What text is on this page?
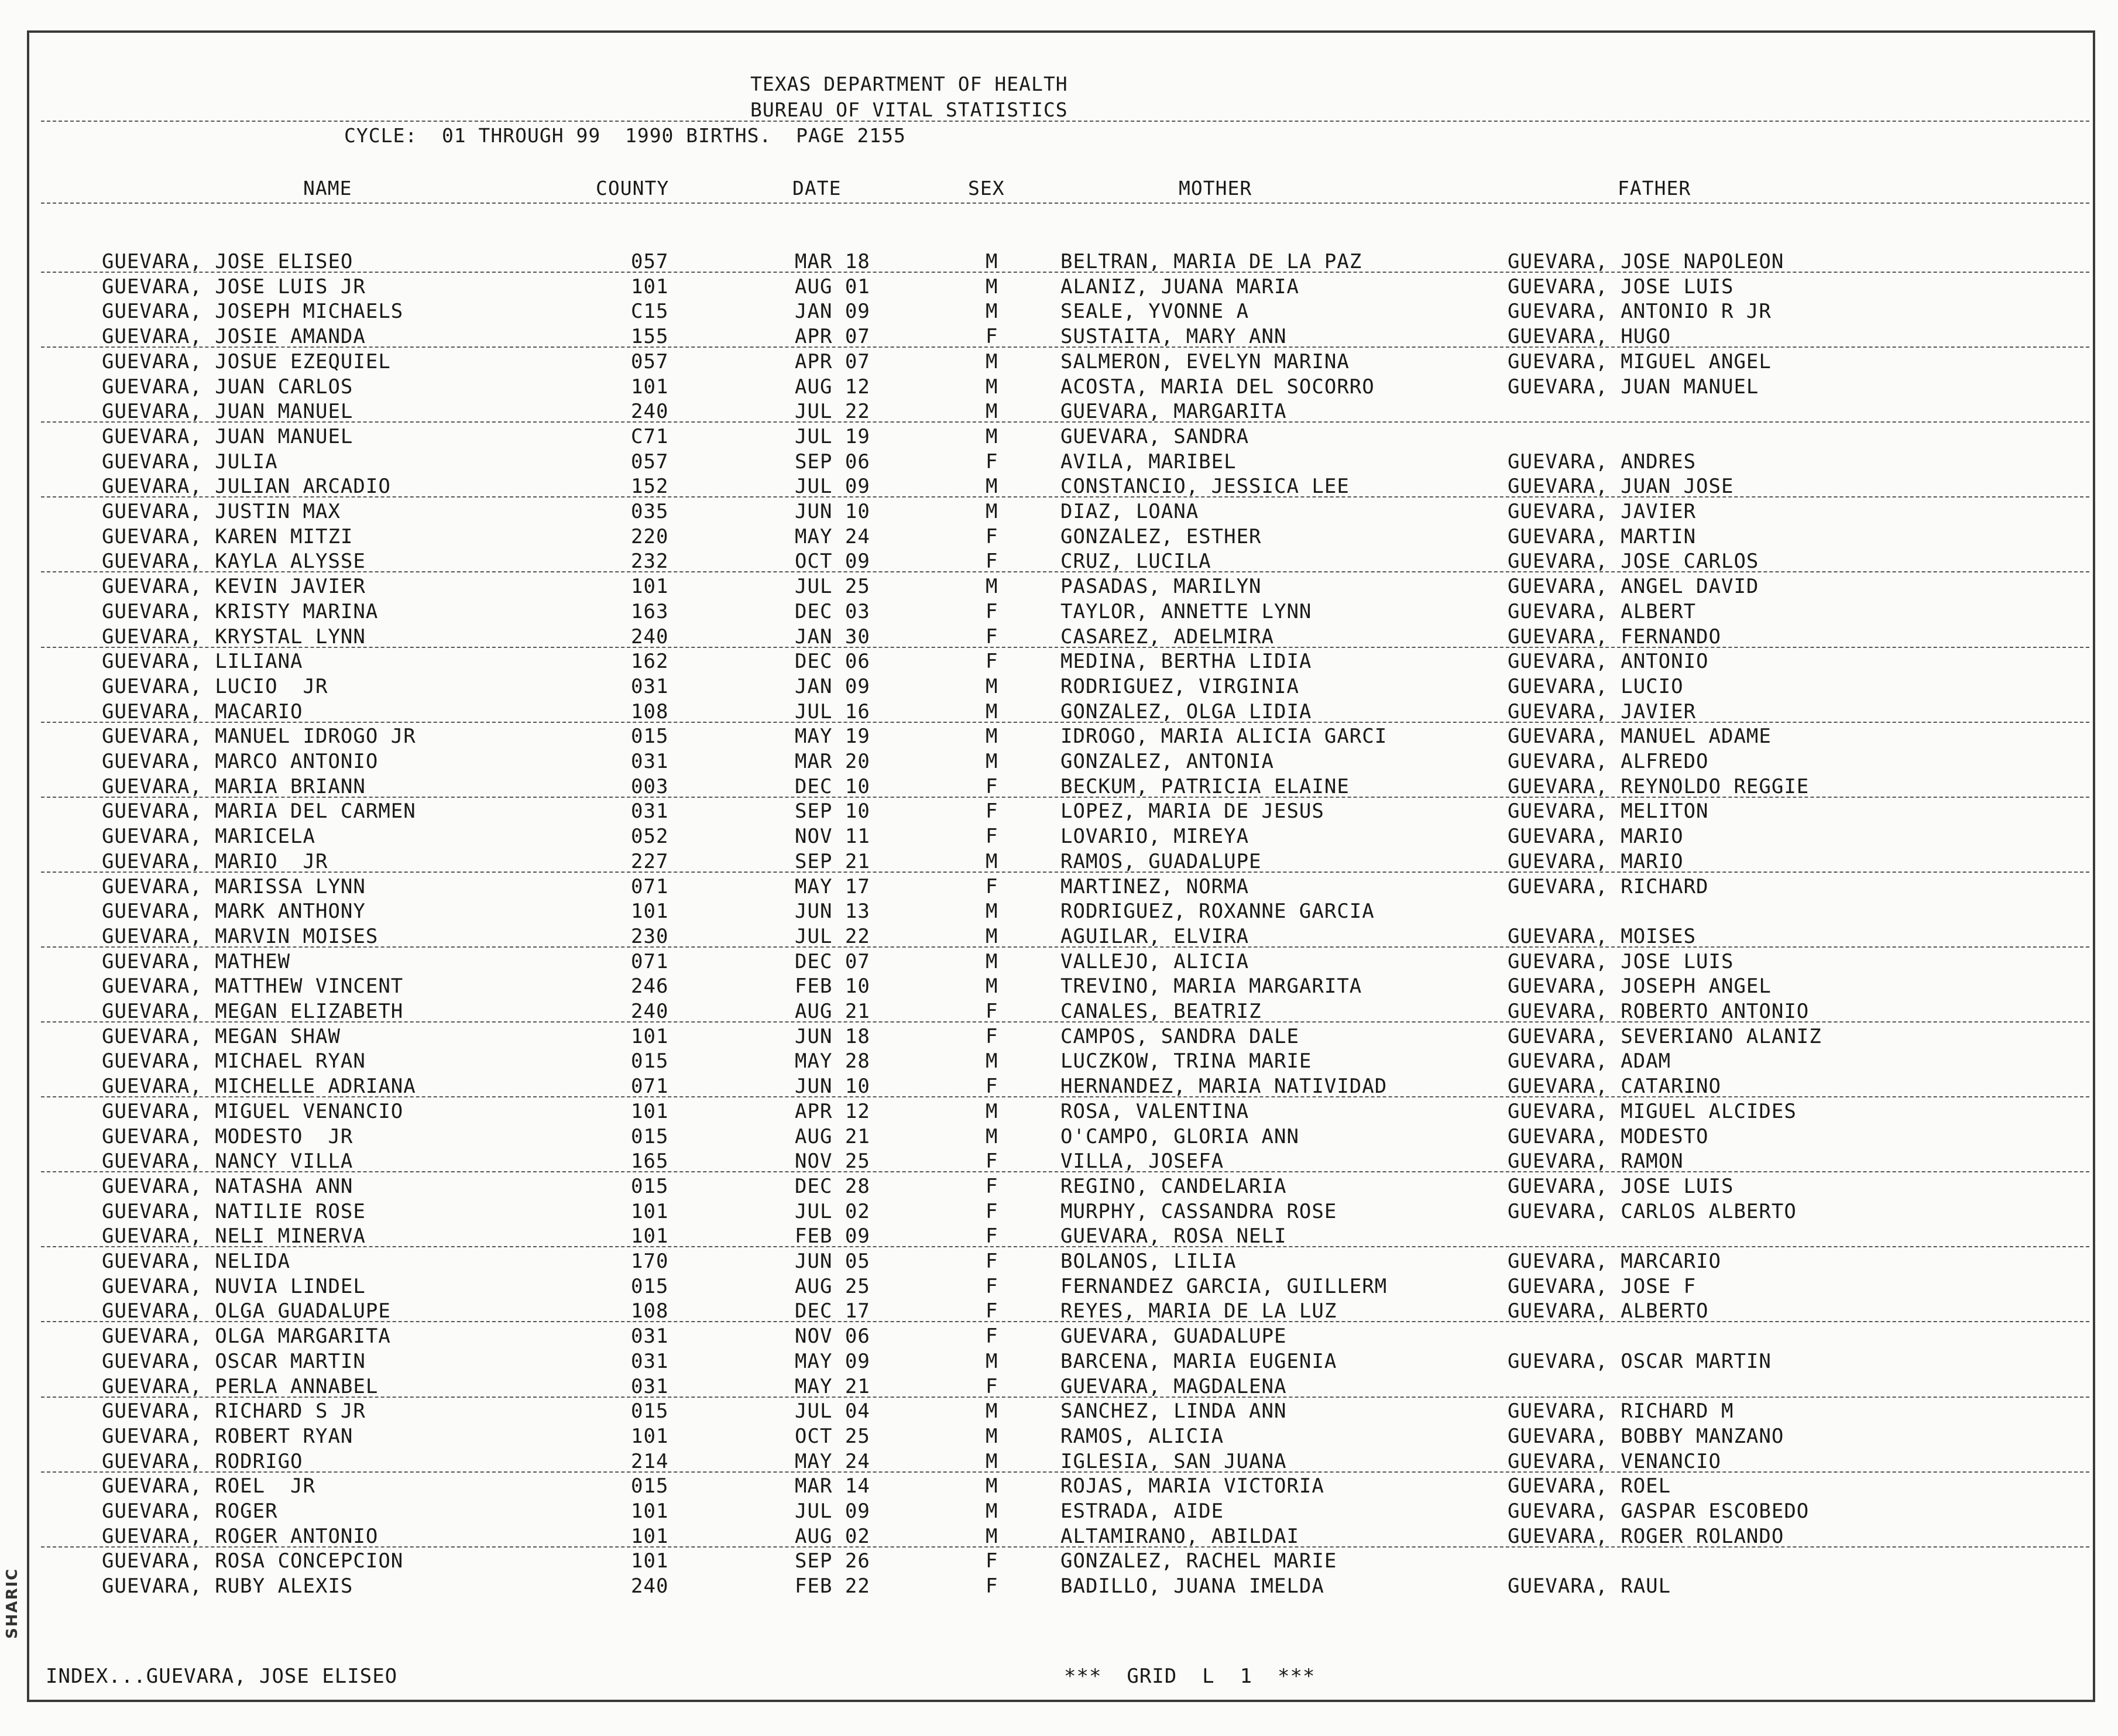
SHARIC
TEXAS DEPARTMENT OF HEALTH
BUREAU OF VITAL STATISTICS
CYCLE:  01 THROUGH 99  1990 BIRTHS.  PAGE 2155
NAME	COUNTY	DATE	SEX	MOTHER	FATHER
GUEVARA, JOSE ELISEO	057	MAR 18	M	BELTRAN, MARIA DE LA PAZ	GUEVARA, JOSE NAPOLEON
GUEVARA, JOSE LUIS JR	101	AUG 01	M	ALANIZ, JUANA MARIA	GUEVARA, JOSE LUIS
GUEVARA, JOSEPH MICHAELS	C15	JAN 09	M	SEALE, YVONNE A	GUEVARA, ANTONIO R JR
GUEVARA, JOSIE AMANDA	155	APR 07	F	SUSTAITA, MARY ANN	GUEVARA, HUGO
GUEVARA, JOSUE EZEQUIEL	057	APR 07	M	SALMERON, EVELYN MARINA	GUEVARA, MIGUEL ANGEL
GUEVARA, JUAN CARLOS	101	AUG 12	M	ACOSTA, MARIA DEL SOCORRO	GUEVARA, JUAN MANUEL
GUEVARA, JUAN MANUEL	240	JUL 22	M	GUEVARA, MARGARITA
GUEVARA, JUAN MANUEL	C71	JUL 19	M	GUEVARA, SANDRA
GUEVARA, JULIA	057	SEP 06	F	AVILA, MARIBEL	GUEVARA, ANDRES
GUEVARA, JULIAN ARCADIO	152	JUL 09	M	CONSTANCIO, JESSICA LEE	GUEVARA, JUAN JOSE
GUEVARA, JUSTIN MAX	035	JUN 10	M	DIAZ, LOANA	GUEVARA, JAVIER
GUEVARA, KAREN MITZI	220	MAY 24	F	GONZALEZ, ESTHER	GUEVARA, MARTIN
GUEVARA, KAYLA ALYSSE	232	OCT 09	F	CRUZ, LUCILA	GUEVARA, JOSE CARLOS
GUEVARA, KEVIN JAVIER	101	JUL 25	M	PASADAS, MARILYN	GUEVARA, ANGEL DAVID
GUEVARA, KRISTY MARINA	163	DEC 03	F	TAYLOR, ANNETTE LYNN	GUEVARA, ALBERT
GUEVARA, KRYSTAL LYNN	240	JAN 30	F	CASAREZ, ADELMIRA	GUEVARA, FERNANDO
GUEVARA, LILIANA	162	DEC 06	F	MEDINA, BERTHA LIDIA	GUEVARA, ANTONIO
GUEVARA, LUCIO  JR	031	JAN 09	M	RODRIGUEZ, VIRGINIA	GUEVARA, LUCIO
GUEVARA, MACARIO	108	JUL 16	M	GONZALEZ, OLGA LIDIA	GUEVARA, JAVIER
GUEVARA, MANUEL IDROGO JR	015	MAY 19	M	IDROGO, MARIA ALICIA GARCI	GUEVARA, MANUEL ADAME
GUEVARA, MARCO ANTONIO	031	MAR 20	M	GONZALEZ, ANTONIA	GUEVARA, ALFREDO
GUEVARA, MARIA BRIANN	003	DEC 10	F	BECKUM, PATRICIA ELAINE	GUEVARA, REYNOLDO REGGIE
GUEVARA, MARIA DEL CARMEN	031	SEP 10	F	LOPEZ, MARIA DE JESUS	GUEVARA, MELITON
GUEVARA, MARICELA	052	NOV 11	F	LOVARIO, MIREYA	GUEVARA, MARIO
GUEVARA, MARIO  JR	227	SEP 21	M	RAMOS, GUADALUPE	GUEVARA, MARIO
GUEVARA, MARISSA LYNN	071	MAY 17	F	MARTINEZ, NORMA	GUEVARA, RICHARD
GUEVARA, MARK ANTHONY	101	JUN 13	M	RODRIGUEZ, ROXANNE GARCIA
GUEVARA, MARVIN MOISES	230	JUL 22	M	AGUILAR, ELVIRA	GUEVARA, MOISES
GUEVARA, MATHEW	071	DEC 07	M	VALLEJO, ALICIA	GUEVARA, JOSE LUIS
GUEVARA, MATTHEW VINCENT	246	FEB 10	M	TREVINO, MARIA MARGARITA	GUEVARA, JOSEPH ANGEL
GUEVARA, MEGAN ELIZABETH	240	AUG 21	F	CANALES, BEATRIZ	GUEVARA, ROBERTO ANTONIO
GUEVARA, MEGAN SHAW	101	JUN 18	F	CAMPOS, SANDRA DALE	GUEVARA, SEVERIANO ALANIZ
GUEVARA, MICHAEL RYAN	015	MAY 28	M	LUCZKOW, TRINA MARIE	GUEVARA, ADAM
GUEVARA, MICHELLE ADRIANA	071	JUN 10	F	HERNANDEZ, MARIA NATIVIDAD	GUEVARA, CATARINO
GUEVARA, MIGUEL VENANCIO	101	APR 12	M	ROSA, VALENTINA	GUEVARA, MIGUEL ALCIDES
GUEVARA, MODESTO  JR	015	AUG 21	M	O'CAMPO, GLORIA ANN	GUEVARA, MODESTO
GUEVARA, NANCY VILLA	165	NOV 25	F	VILLA, JOSEFA	GUEVARA, RAMON
GUEVARA, NATASHA ANN	015	DEC 28	F	REGINO, CANDELARIA	GUEVARA, JOSE LUIS
GUEVARA, NATILIE ROSE	101	JUL 02	F	MURPHY, CASSANDRA ROSE	GUEVARA, CARLOS ALBERTO
GUEVARA, NELI MINERVA	101	FEB 09	F	GUEVARA, ROSA NELI
GUEVARA, NELIDA	170	JUN 05	F	BOLANOS, LILIA	GUEVARA, MARCARIO
GUEVARA, NUVIA LINDEL	015	AUG 25	F	FERNANDEZ GARCIA, GUILLERM	GUEVARA, JOSE F
GUEVARA, OLGA GUADALUPE	108	DEC 17	F	REYES, MARIA DE LA LUZ	GUEVARA, ALBERTO
GUEVARA, OLGA MARGARITA	031	NOV 06	F	GUEVARA, GUADALUPE
GUEVARA, OSCAR MARTIN	031	MAY 09	M	BARCENA, MARIA EUGENIA	GUEVARA, OSCAR MARTIN
GUEVARA, PERLA ANNABEL	031	MAY 21	F	GUEVARA, MAGDALENA
GUEVARA, RICHARD S JR	015	JUL 04	M	SANCHEZ, LINDA ANN	GUEVARA, RICHARD M
GUEVARA, ROBERT RYAN	101	OCT 25	M	RAMOS, ALICIA	GUEVARA, BOBBY MANZANO
GUEVARA, RODRIGO	214	MAY 24	M	IGLESIA, SAN JUANA	GUEVARA, VENANCIO
GUEVARA, ROEL  JR	015	MAR 14	M	ROJAS, MARIA VICTORIA	GUEVARA, ROEL
GUEVARA, ROGER	101	JUL 09	M	ESTRADA, AIDE	GUEVARA, GASPAR ESCOBEDO
GUEVARA, ROGER ANTONIO	101	AUG 02	M	ALTAMIRANO, ABILDAI	GUEVARA, ROGER ROLANDO
GUEVARA, ROSA CONCEPCION	101	SEP 26	F	GONZALEZ, RACHEL MARIE
GUEVARA, RUBY ALEXIS	240	FEB 22	F	BADILLO, JUANA IMELDA	GUEVARA, RAUL
INDEX...GUEVARA, JOSE ELISEO	***  GRID  L  1  ***
